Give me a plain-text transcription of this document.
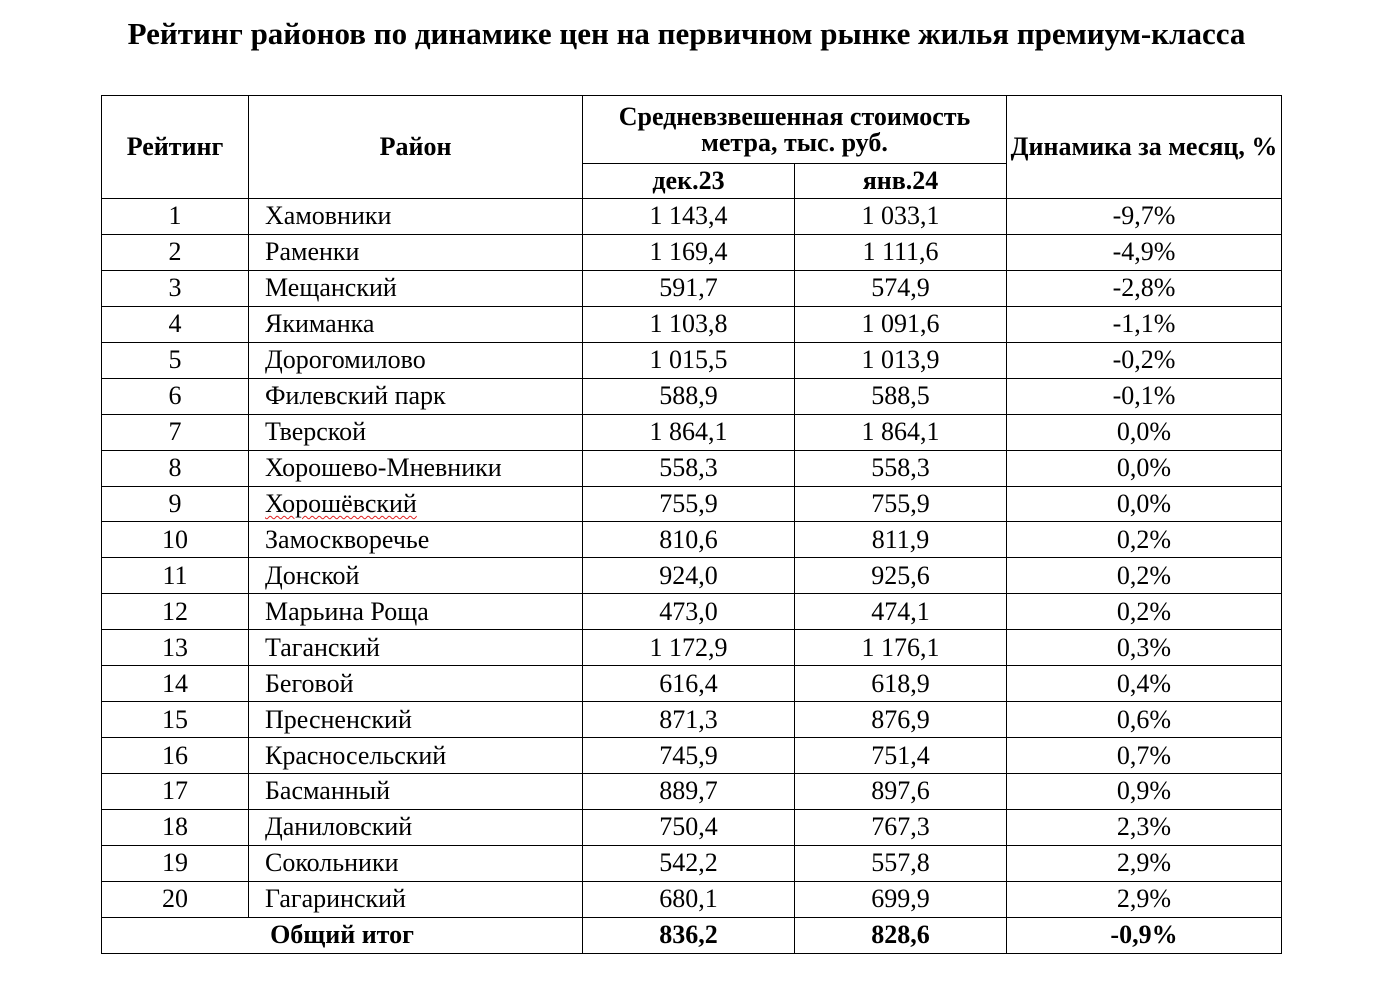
Рейтинг районов по динамике цен на первичном рынке жилья премиум-класса
Рейтинг	Район	Средневзвешенная стоимость метра, тыс. руб.		Динамика за месяц, %
		дек.23	янв.24	
1	Хамовники	1 143,4	1 033,1	-9,7%
2	Раменки	1 169,4	1 111,6	-4,9%
3	Мещанский	591,7	574,9	-2,8%
4	Якиманка	1 103,8	1 091,6	-1,1%
5	Дорогомилово	1 015,5	1 013,9	-0,2%
6	Филевский парк	588,9	588,5	-0,1%
7	Тверской	1 864,1	1 864,1	0,0%
8	Хорошево-Мневники	558,3	558,3	0,0%
9	Хорошёвский	755,9	755,9	0,0%
10	Замоскворечье	810,6	811,9	0,2%
11	Донской	924,0	925,6	0,2%
12	Марьина Роща	473,0	474,1	0,2%
13	Таганский	1 172,9	1 176,1	0,3%
14	Беговой	616,4	618,9	0,4%
15	Пресненский	871,3	876,9	0,6%
16	Красносельский	745,9	751,4	0,7%
17	Басманный	889,7	897,6	0,9%
18	Даниловский	750,4	767,3	2,3%
19	Сокольники	542,2	557,8	2,9%
20	Гагаринский	680,1	699,9	2,9%
Общий итог		836,2	828,6	-0,9%
